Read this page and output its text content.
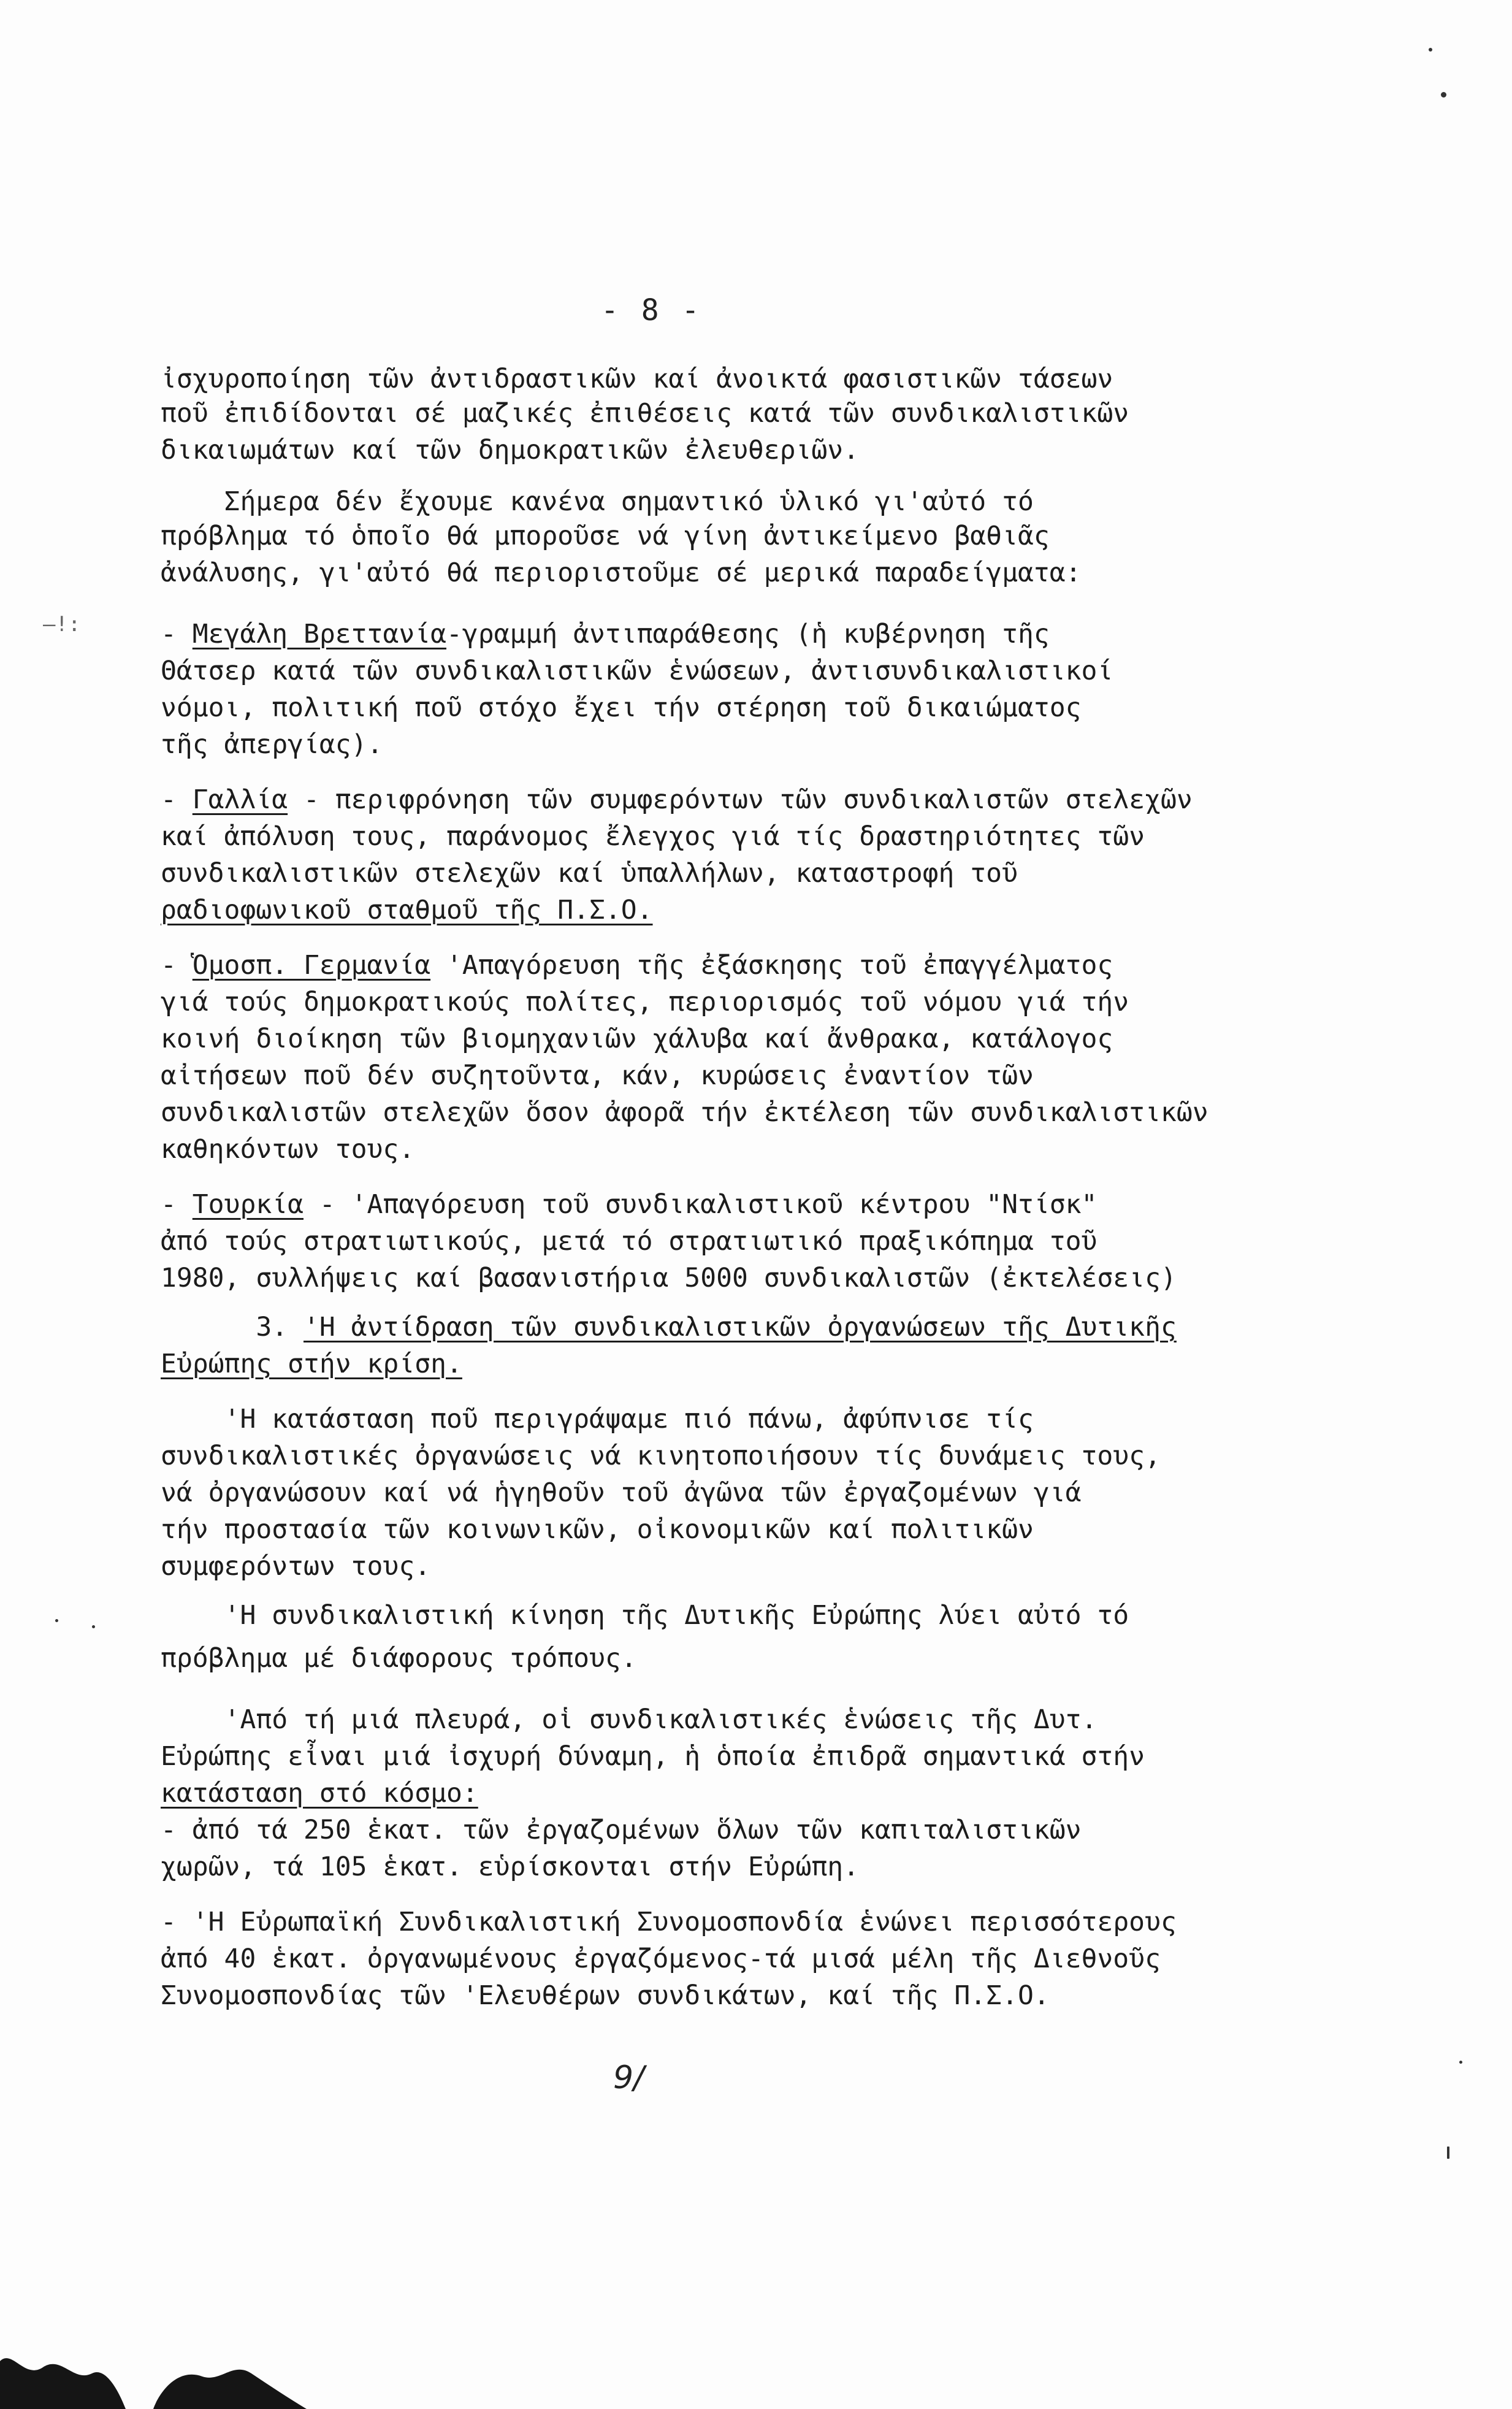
- 8 -
–!:
ἰσχυροποίηση τῶν ἀντιδραστικῶν καί ἀνοικτά φασιστικῶν τάσεων
ποῦ ἐπιδίδονται σέ μαζικές ἐπιθέσεις κατά τῶν συνδικαλιστικῶν
δικαιωμάτων καί τῶν δημοκρατικῶν ἐλευθεριῶν.
Σήμερα δέν ἔχουμε κανένα σημαντικό ὑλικό γι'αὐτό τό
πρόβλημα τό ὁποῖο θά μποροῦσε νά γίνη ἀντικείμενο βαθιᾶς
ἀνάλυσης, γι'αὐτό θά περιοριστοῦμε σέ μερικά παραδείγματα:
- Μεγάλη Βρεττανία-γραμμή ἀντιπαράθεσης (ἡ κυβέρνηση τῆς
Θάτσερ κατά τῶν συνδικαλιστικῶν ἑνώσεων, ἀντισυνδικαλιστικοί
νόμοι, πολιτική ποῦ στόχο ἔχει τήν στέρηση τοῦ δικαιώματος
τῆς ἀπεργίας).
- Γαλλία - περιφρόνηση τῶν συμφερόντων τῶν συνδικαλιστῶν στελεχῶν
καί ἀπόλυση τους, παράνομος ἔλεγχος γιά τίς δραστηριότητες τῶν
συνδικαλιστικῶν στελεχῶν καί ὑπαλλήλων, καταστροφή τοῦ
ραδιοφωνικοῦ σταθμοῦ τῆς Π.Σ.Ο.
- Ὁμοσπ. Γερμανία 'Απαγόρευση τῆς ἐξάσκησης τοῦ ἐπαγγέλματος
γιά τούς δημοκρατικούς πολίτες, περιορισμός τοῦ νόμου γιά τήν
κοινή διοίκηση τῶν βιομηχανιῶν χάλυβα καί ἄνθρακα, κατάλογος
αἰτήσεων ποῦ δέν συζητοῦντα, κάν, κυρώσεις ἐναντίον τῶν
συνδικαλιστῶν στελεχῶν ὅσον ἀφορᾶ τήν ἐκτέλεση τῶν συνδικαλιστικῶν
καθηκόντων τους.
- Τουρκία - 'Απαγόρευση τοῦ συνδικαλιστικοῦ κέντρου "Ντίσκ"
ἀπό τούς στρατιωτικούς, μετά τό στρατιωτικό πραξικόπημα τοῦ
1980, συλλήψεις καί βασανιστήρια 5000 συνδικαλιστῶν (ἐκτελέσεις)
3. 'Η ἀντίδραση τῶν συνδικαλιστικῶν ὀργανώσεων τῆς Δυτικῆς
Εὐρώπης στήν κρίση.
'Η κατάσταση ποῦ περιγράψαμε πιό πάνω, ἀφύπνισε τίς
συνδικαλιστικές ὀργανώσεις νά κινητοποιήσουν τίς δυνάμεις τους,
νά ὀργανώσουν καί νά ἡγηθοῦν τοῦ ἀγῶνα τῶν ἐργαζομένων γιά
τήν προστασία τῶν κοινωνικῶν, οἰκονομικῶν καί πολιτικῶν
συμφερόντων τους.
'Η συνδικαλιστική κίνηση τῆς Δυτικῆς Εὐρώπης λύει αὐτό τό
πρόβλημα μέ διάφορους τρόπους.
'Από τή μιά πλευρά, οἱ συνδικαλιστικές ἑνώσεις τῆς Δυτ.
Εὐρώπης εἶναι μιά ἰσχυρή δύναμη, ἡ ὁποία ἐπιδρᾶ σημαντικά στήν
κατάσταση στό κόσμο:
- ἀπό τά 250 ἑκατ. τῶν ἐργαζομένων ὅλων τῶν καπιταλιστικῶν
χωρῶν, τά 105 ἑκατ. εὑρίσκονται στήν Εὐρώπη.
- 'Η Εὐρωπαϊκή Συνδικαλιστική Συνομοσπονδία ἑνώνει περισσότερους
ἀπό 40 ἑκατ. ὀργανωμένους ἐργαζόμενος-τά μισά μέλη τῆς Διεθνοῦς
Συνομοσπονδίας τῶν 'Ελευθέρων συνδικάτων, καί τῆς Π.Σ.Ο.
9/
